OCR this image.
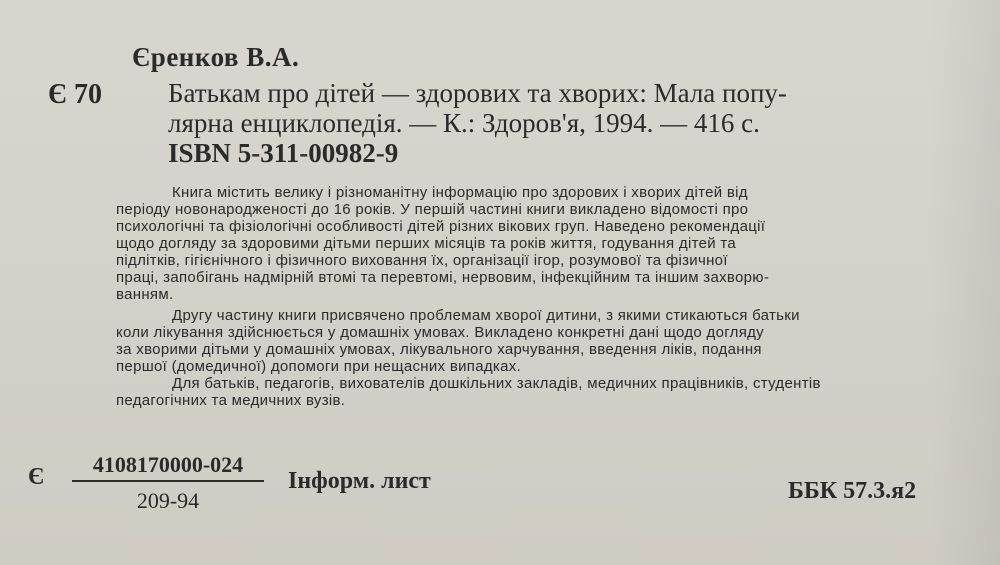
Єренков В.А.
Є 70 Батькам про дітей — здорових та хворих: Мала попу-
лярна енциклопедія. — К.: Здоров'я, 1994. — 416 с.
ISBN 5-311-00982-9
Книга містить велику і різноманітну інформацію про здорових і хворих дітей від
періоду новонародженості до 16 років. У першій частині книги викладено відомості про
психологічні та фізіологічні особливості дітей різних вікових груп. Наведено рекомендації
щодо догляду за здоровими дітьми перших місяців та років життя, годування дітей та
підлітків, гігієнічного і фізичного виховання їх, організації ігор, розумової та фізичної
праці, запобігань надмірній втомі та перевтомі, нервовим, інфекційним та іншим захворю-
ванням.
Другу частину книги присвячено проблемам хворої дитини, з якими стикаються батьки
коли лікування здійснюється у домашніх умовах. Викладено конкретні дані щодо догляду
за хворими дітьми у домашніх умовах, лікувального харчування, введення ліків, подання
першої (домедичної) допомоги при нещасних випадках.
Для батьків, педагогів, вихователів дошкільних закладів, медичних працівників, студентів
педагогічних та медичних вузів.
Є $\frac{4108170000-024}{209-94}$ Інформ. лист	ББК 57.3.я2
